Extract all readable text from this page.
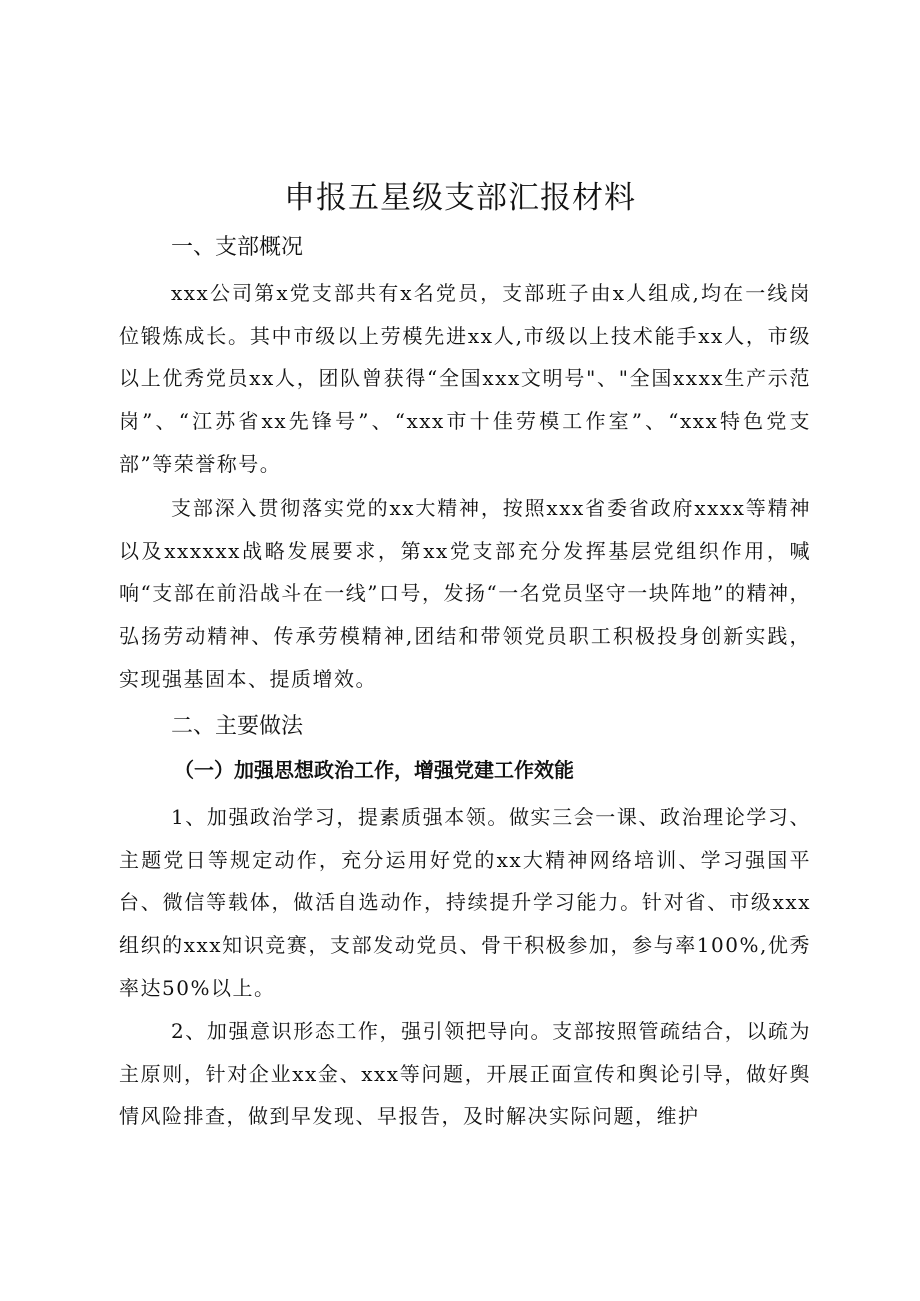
申报五星级支部汇报材料
一、支部概况

xxx公司第x党支部共有x名党员，支部班子由x人组成,均在一线岗位锻炼成长。其中市级以上劳模先进xx人,市级以上技术能手xx人，市级以上优秀党员xx人，团队曾获得“全国xxx文明号"、"全国xxxx生产示范岗”、“江苏省xx先锋号”、“xxx市十佳劳模工作室”、“xxx特色党支部”等荣誉称号。

支部深入贯彻落实党的xx大精神，按照xxx省委省政府xxxx等精神以及xxxxxx战略发展要求，第xx党支部充分发挥基层党组织作用，喊响“支部在前沿战斗在一线”口号，发扬“一名党员坚守一块阵地”的精神，弘扬劳动精神、传承劳模精神,团结和带领党员职工积极投身创新实践，实现强基固本、提质增效。

二、主要做法
（一）加强思想政治工作，增强党建工作效能

1、加强政治学习，提素质强本领。做实三会一课、政治理论学习、主题党日等规定动作，充分运用好党的xx大精神网络培训、学习强国平台、微信等载体，做活自选动作，持续提升学习能力。针对省、市级xxx组织的xxx知识竞赛，支部发动党员、骨干积极参加，参与率100%,优秀率达50%以上。

2、加强意识形态工作，强引领把导向。支部按照管疏结合，以疏为主原则，针对企业xx金、xxx等问题，开展正面宣传和舆论引导，做好舆情风险排查，做到早发现、早报告，及时解决实际问题，维护
